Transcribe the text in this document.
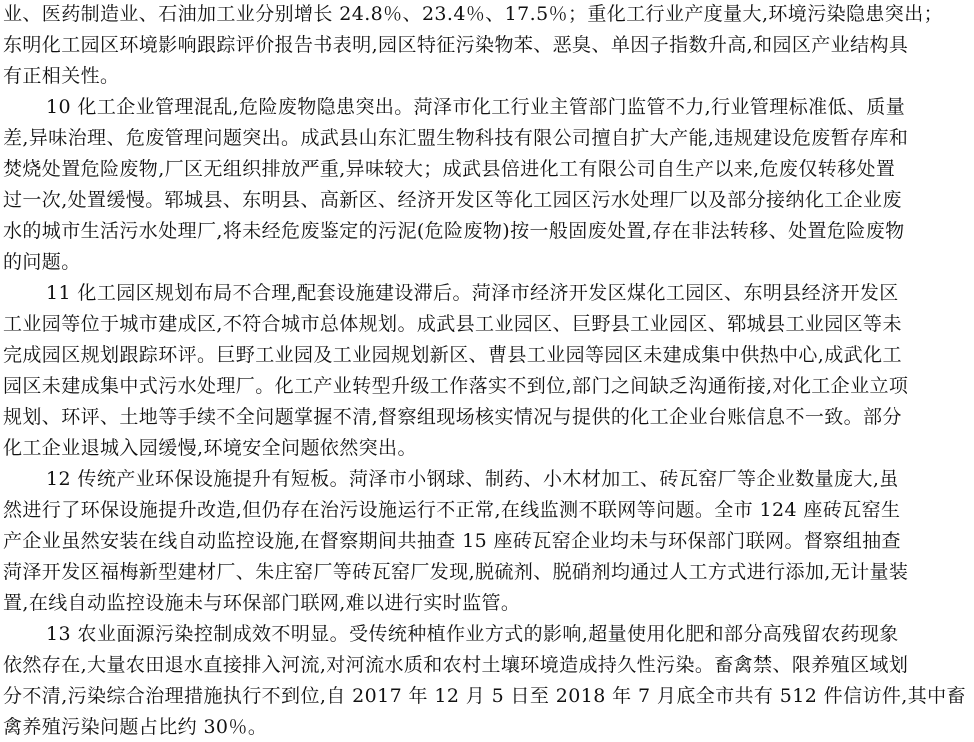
业、医药制造业、石油加工业分别增长 24.8％、23.4％、17.5％；重化工行业产度量大,环境污染隐患突出；
东明化工园区环境影响跟踪评价报告书表明,园区特征污染物苯、恶臭、单因子指数升高,和园区产业结构具
有正相关性。
10 化工企业管理混乱,危险废物隐患突出。菏泽市化工行业主管部门监管不力,行业管理标准低、质量
差,异味治理、危废管理问题突出。成武县山东汇盟生物科技有限公司擅自扩大产能,违规建设危废暂存库和
焚烧处置危险废物,厂区无组织排放严重,异味较大；成武县倍进化工有限公司自生产以来,危废仅转移处置
过一次,处置缓慢。郓城县、东明县、高新区、经济开发区等化工园区污水处理厂以及部分接纳化工企业废
水的城市生活污水处理厂,将未经危废鉴定的污泥(危险废物)按一般固废处置,存在非法转移、处置危险废物
的问题。
11 化工园区规划布局不合理,配套设施建设滞后。菏泽市经济开发区煤化工园区、东明县经济开发区
工业园等位于城市建成区,不符合城市总体规划。成武县工业园区、巨野县工业园区、郓城县工业园区等未
完成园区规划跟踪环评。巨野工业园及工业园规划新区、曹县工业园等园区未建成集中供热中心,成武化工
园区未建成集中式污水处理厂。化工产业转型升级工作落实不到位,部门之间缺乏沟通衔接,对化工企业立项
规划、环评、土地等手续不全问题掌握不清,督察组现场核实情况与提供的化工企业台账信息不一致。部分
化工企业退城入园缓慢,环境安全问题依然突出。
12 传统产业环保设施提升有短板。菏泽市小钢球、制药、小木材加工、砖瓦窑厂等企业数量庞大,虽
然进行了环保设施提升改造,但仍存在治污设施运行不正常,在线监测不联网等问题。全市 124 座砖瓦窑生
产企业虽然安装在线自动监控设施,在督察期间共抽查 15 座砖瓦窑企业均未与环保部门联网。督察组抽查
菏泽开发区福梅新型建材厂、朱庄窑厂等砖瓦窑厂发现,脱硫剂、脱硝剂均通过人工方式进行添加,无计量装
置,在线自动监控设施未与环保部门联网,难以进行实时监管。
13 农业面源污染控制成效不明显。受传统种植作业方式的影响,超量使用化肥和部分高残留农药现象
依然存在,大量农田退水直接排入河流,对河流水质和农村土壤环境造成持久性污染。畜禽禁、限养殖区域划
分不清,污染综合治理措施执行不到位,自 2017 年 12 月 5 日至 2018 年 7 月底全市共有 512 件信访件,其中畜
禽养殖污染问题占比约 30％。
